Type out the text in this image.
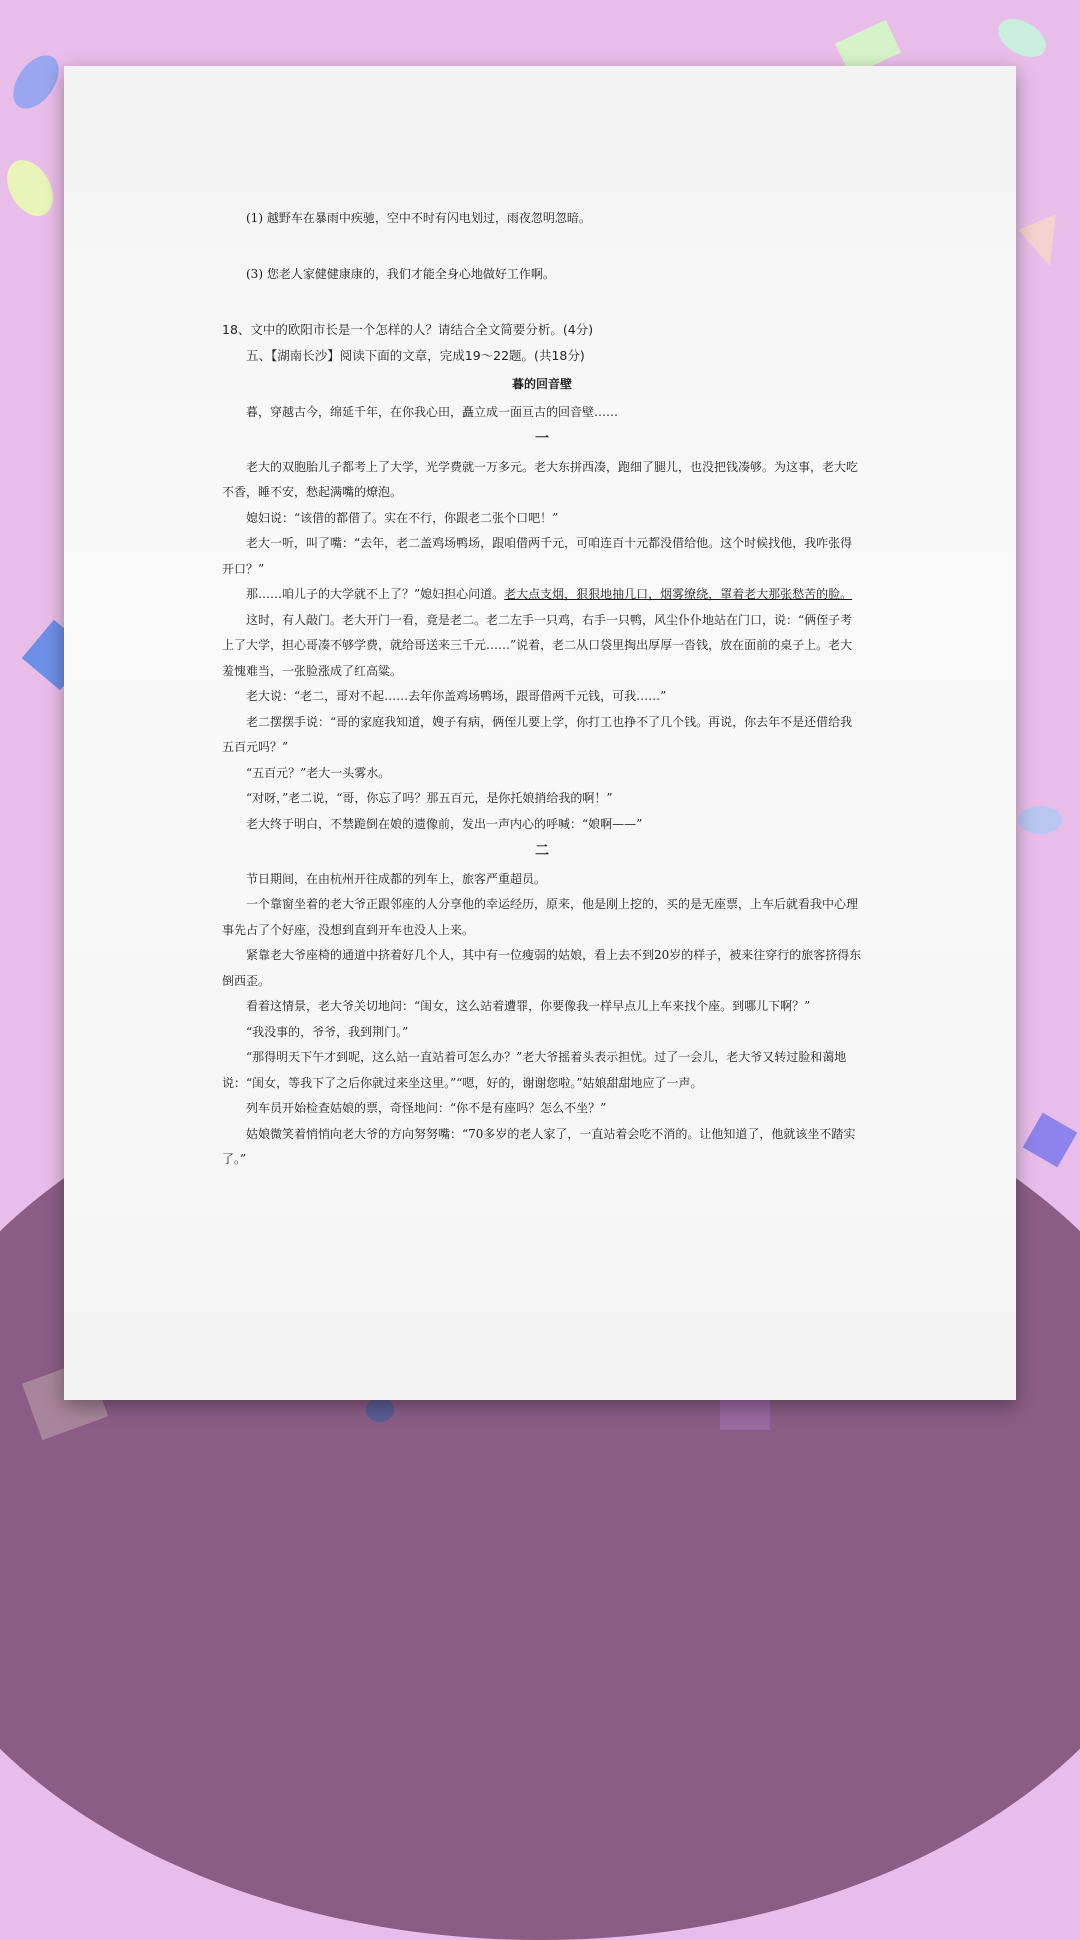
(1) 越野车在暴雨中疾驰，空中不时有闪电划过，雨夜忽明忽暗。

(3) 您老人家健健康康的，我们才能全身心地做好工作啊。

18、文中的欧阳市长是一个怎样的人？请结合全文简要分析。(4分)

五、【湖南长沙】阅读下面的文章，完成19～22题。(共18分)

暮的回音壁

暮，穿越古今，绵延千年，在你我心田，矗立成一面亘古的回音壁……

一

老大的双胞胎儿子都考上了大学，光学费就一万多元。老大东拼西凑，跑细了腿儿，也没把钱凑够。为这事，老大吃不香，睡不安，愁起满嘴的燎泡。

媳妇说：“该借的都借了。实在不行，你跟老二张个口吧！”

老大一听，叫了嘴：“去年，老二盖鸡场鸭场，跟咱借两千元，可咱连百十元都没借给他。这个时候找他，我咋张得开口？”

那……咱儿子的大学就不上了？”媳妇担心问道。老大点支烟，狠狠地抽几口，烟雾缭绕，罩着老大那张愁苦的脸。

这时，有人敲门。老大开门一看，竟是老二。老二左手一只鸡，右手一只鸭，风尘仆仆地站在门口，说：“俩侄子考上了大学，担心哥凑不够学费，就给哥送来三千元……”说着，老二从口袋里掏出厚厚一沓钱，放在面前的桌子上。老大羞愧难当，一张脸涨成了红高粱。

老大说：“老二，哥对不起……去年你盖鸡场鸭场，跟哥借两千元钱，可我……”

老二摆摆手说：“哥的家庭我知道，嫂子有病，俩侄儿要上学，你打工也挣不了几个钱。再说，你去年不是还借给我五百元吗？”

“五百元？”老大一头雾水。

“对呀，”老二说，“哥，你忘了吗？那五百元，是你托娘捎给我的啊！”

老大终于明白，不禁跪倒在娘的遗像前，发出一声内心的呼喊：“娘啊——”

二

节日期间，在由杭州开往成都的列车上，旅客严重超员。

一个靠窗坐着的老大爷正跟邻座的人分享他的幸运经历，原来，他是刚上挖的，买的是无座票，上车后就看我中心理事先占了个好座，没想到直到开车也没人上来。

紧靠老大爷座椅的通道中挤着好几个人，其中有一位瘦弱的姑娘，看上去不到20岁的样子，被来往穿行的旅客挤得东倒西歪。

看着这情景，老大爷关切地问：“闺女，这么站着遭罪，你要像我一样早点儿上车来找个座。到哪儿下啊？”

“我没事的，爷爷，我到荆门。”

“那得明天下午才到呢，这么站一直站着可怎么办？”老大爷摇着头表示担忧。过了一会儿，老大爷又转过脸和蔼地说：“闺女，等我下了之后你就过来坐这里。”“嗯，好的，谢谢您啦。”姑娘甜甜地应了一声。

列车员开始检查姑娘的票，奇怪地问：“你不是有座吗？怎么不坐？”

姑娘微笑着悄悄向老大爷的方向努努嘴：“70多岁的老人家了，一直站着会吃不消的。让他知道了，他就该坐不踏实了。”
